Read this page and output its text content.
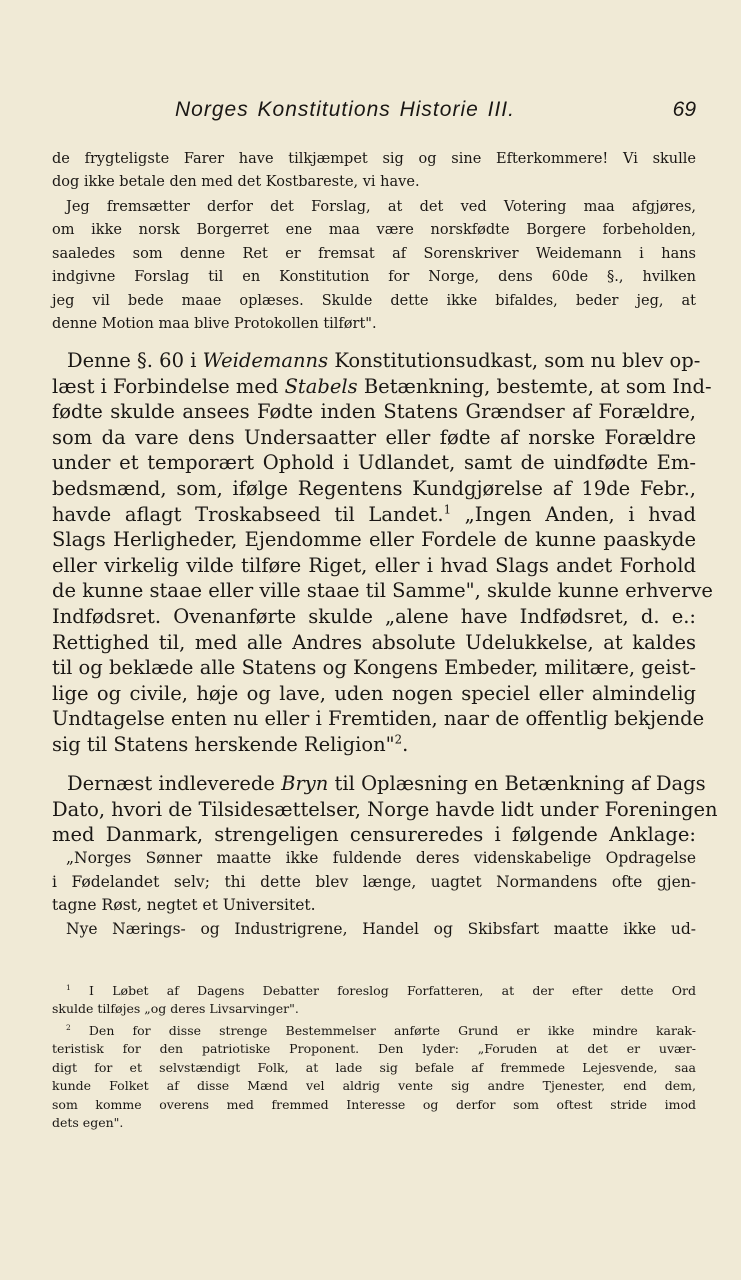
Norges Konstitutions Historie III.	69
de frygteligste Farer have tilkjæmpet sig og sine Efterkommere! Vi skulle
dog ikke betale den med det Kostbareste, vi have.
Jeg fremsætter derfor det Forslag, at det ved Votering maa afgjøres,
om ikke norsk Borgerret ene maa være norskfødte Borgere forbeholden,
saaledes som denne Ret er fremsat af Sorenskriver Weidemann i hans
indgivne Forslag til en Konstitution for Norge, dens 60de §., hvilken
jeg vil bede maae oplæses. Skulde dette ikke bifaldes, beder jeg, at
denne Motion maa blive Protokollen tilført".
Denne §. 60 i Weidemanns Konstitutionsudkast, som nu blev op-
læst i Forbindelse med Stabels Betænkning, bestemte, at som Ind-
fødte skulde ansees Fødte inden Statens Grændser af Forældre,
som da vare dens Undersaatter eller fødte af norske Forældre
under et temporært Ophold i Udlandet, samt de uindfødte Em-
bedsmænd, som, ifølge Regentens Kundgjørelse af 19de Febr.,
havde aflagt Troskabseed til Landet.$^1$ „Ingen Anden, i hvad
Slags Herligheder, Ejendomme eller Fordele de kunne paaskyde
eller virkelig vilde tilføre Riget, eller i hvad Slags andet Forhold
de kunne staae eller ville staae til Samme", skulde kunne erhverve
Indfødsret. Ovenanførte skulde „alene have Indfødsret, d. e.:
Rettighed til, med alle Andres absolute Udelukkelse, at kaldes
til og beklæde alle Statens og Kongens Embeder, militære, geist-
lige og civile, høje og lave, uden nogen speciel eller almindelig
Undtagelse enten nu eller i Fremtiden, naar de offentlig bekjende
sig til Statens herskende Religion"$^2$.
Dernæst indleverede Bryn til Oplæsning en Betænkning af Dags
Dato, hvori de Tilsidesættelser, Norge havde lidt under Foreningen
med Danmark, strengeligen censureredes i følgende Anklage:
„Norges Sønner maatte ikke fuldende deres videnskabelige Opdragelse
i Fødelandet selv; thi dette blev længe, uagtet Normandens ofte gjen-
tagne Røst, negtet et Universitet.
Nye Nærings- og Industrigrene, Handel og Skibsfart maatte ikke ud-
$^1$ I Løbet af Dagens Debatter foreslog Forfatteren, at der efter dette Ord
skulde tilføjes „og deres Livsarvinger".
$^2$ Den for disse strenge Bestemmelser anførte Grund er ikke mindre karak-
teristisk for den patriotiske Proponent. Den lyder: „Foruden at det er uvær-
digt for et selvstændigt Folk, at lade sig befale af fremmede Lejesvende, saa
kunde Folket af disse Mænd vel aldrig vente sig andre Tjenester, end dem,
som komme overens med fremmed Interesse og derfor som oftest stride imod
dets egen".
